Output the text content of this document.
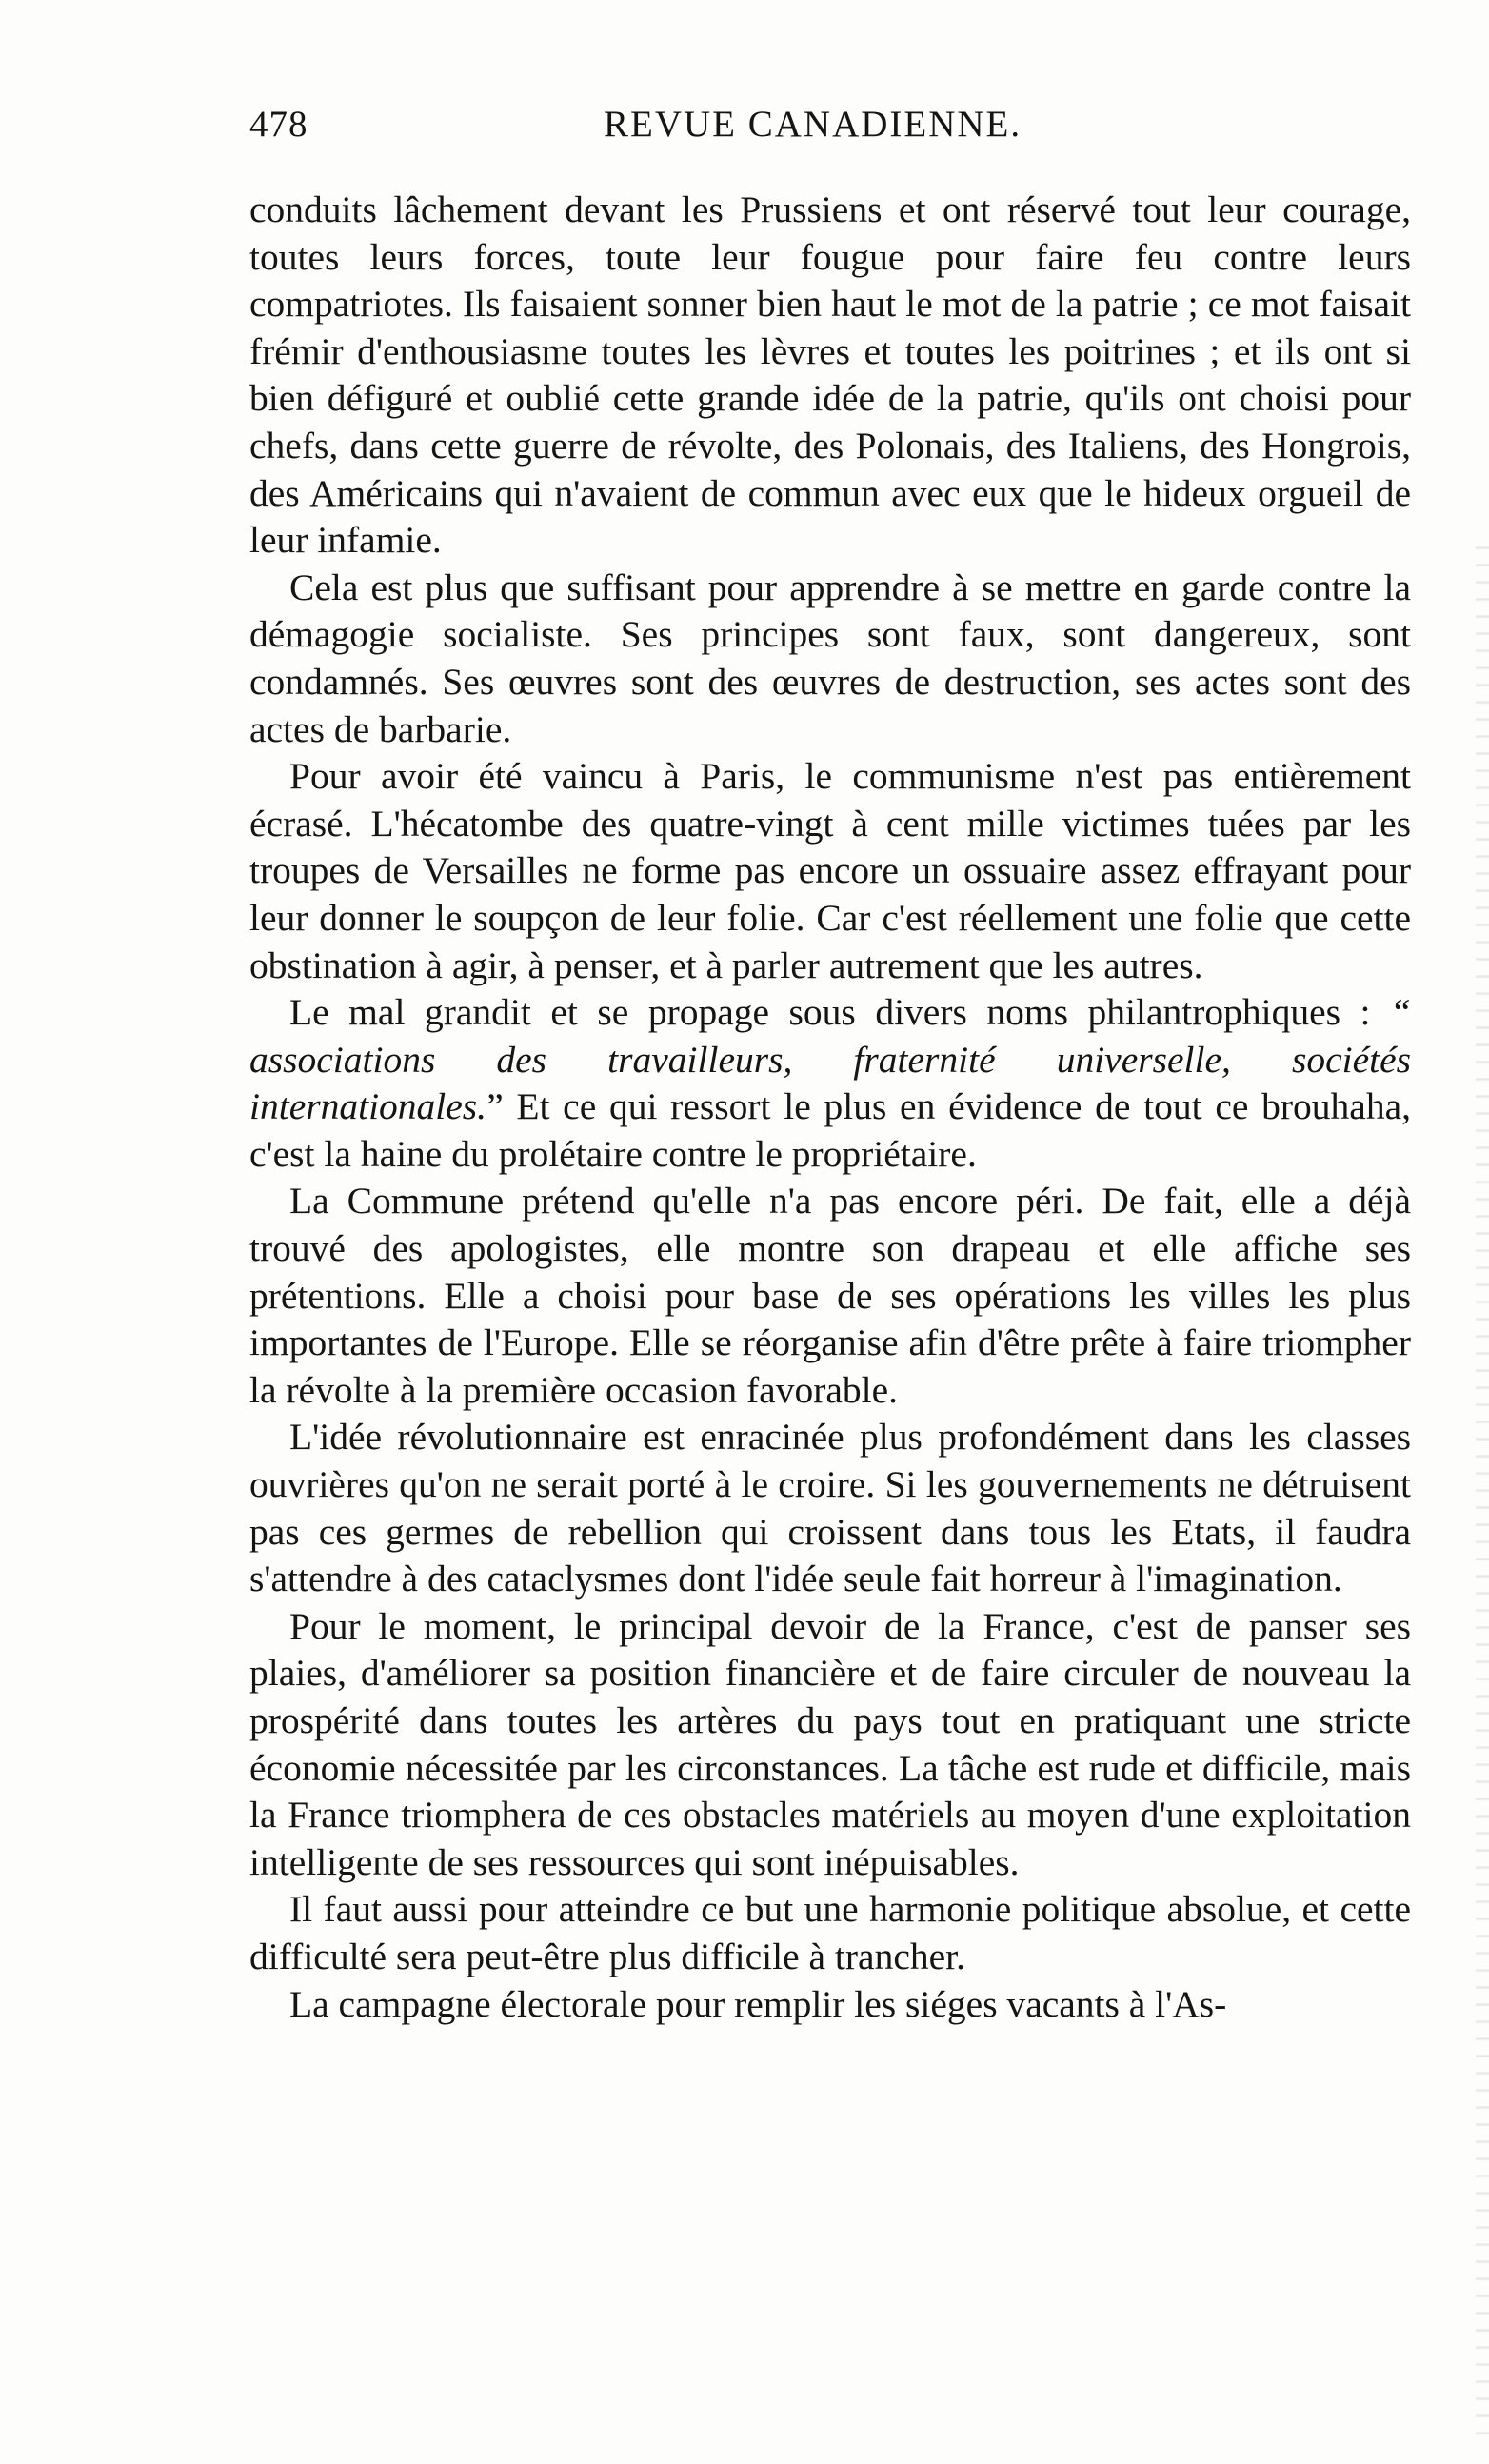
478	REVUE CANADIENNE.

conduits lâchement devant les Prussiens et ont réservé tout leur courage, toutes leurs forces, toute leur fougue pour faire feu contre leurs compatriotes. Ils faisaient sonner bien haut le mot de la patrie ; ce mot faisait frémir d'enthousiasme toutes les lèvres et toutes les poitrines ; et ils ont si bien défiguré et oublié cette grande idée de la patrie, qu'ils ont choisi pour chefs, dans cette guerre de révolte, des Polonais, des Italiens, des Hongrois, des Américains qui n'avaient de commun avec eux que le hideux orgueil de leur infamie.

Cela est plus que suffisant pour apprendre à se mettre en garde contre la démagogie socialiste. Ses principes sont faux, sont dangereux, sont condamnés. Ses œuvres sont des œuvres de destruction, ses actes sont des actes de barbarie.

Pour avoir été vaincu à Paris, le communisme n'est pas entièrement écrasé. L'hécatombe des quatre-vingt à cent mille victimes tuées par les troupes de Versailles ne forme pas encore un ossuaire assez effrayant pour leur donner le soupçon de leur folie. Car c'est réellement une folie que cette obstination à agir, à penser, et à parler autrement que les autres.

Le mal grandit et se propage sous divers noms philantrophiques : “ associations des travailleurs, fraternité universelle, sociétés internationales.” Et ce qui ressort le plus en évidence de tout ce brouhaha, c'est la haine du prolétaire contre le propriétaire.

La Commune prétend qu'elle n'a pas encore péri. De fait, elle a déjà trouvé des apologistes, elle montre son drapeau et elle affiche ses prétentions. Elle a choisi pour base de ses opérations les villes les plus importantes de l'Europe. Elle se réorganise afin d'être prête à faire triompher la révolte à la première occasion favorable.

L'idée révolutionnaire est enracinée plus profondément dans les classes ouvrières qu'on ne serait porté à le croire. Si les gouvernements ne détruisent pas ces germes de rebellion qui croissent dans tous les Etats, il faudra s'attendre à des cataclysmes dont l'idée seule fait horreur à l'imagination.

Pour le moment, le principal devoir de la France, c'est de panser ses plaies, d'améliorer sa position financière et de faire circuler de nouveau la prospérité dans toutes les artères du pays tout en pratiquant une stricte économie nécessitée par les circonstances. La tâche est rude et difficile, mais la France triomphera de ces obstacles matériels au moyen d'une exploitation intelligente de ses ressources qui sont inépuisables.

Il faut aussi pour atteindre ce but une harmonie politique absolue, et cette difficulté sera peut-être plus difficile à trancher.

La campagne électorale pour remplir les siéges vacants à l'As-
